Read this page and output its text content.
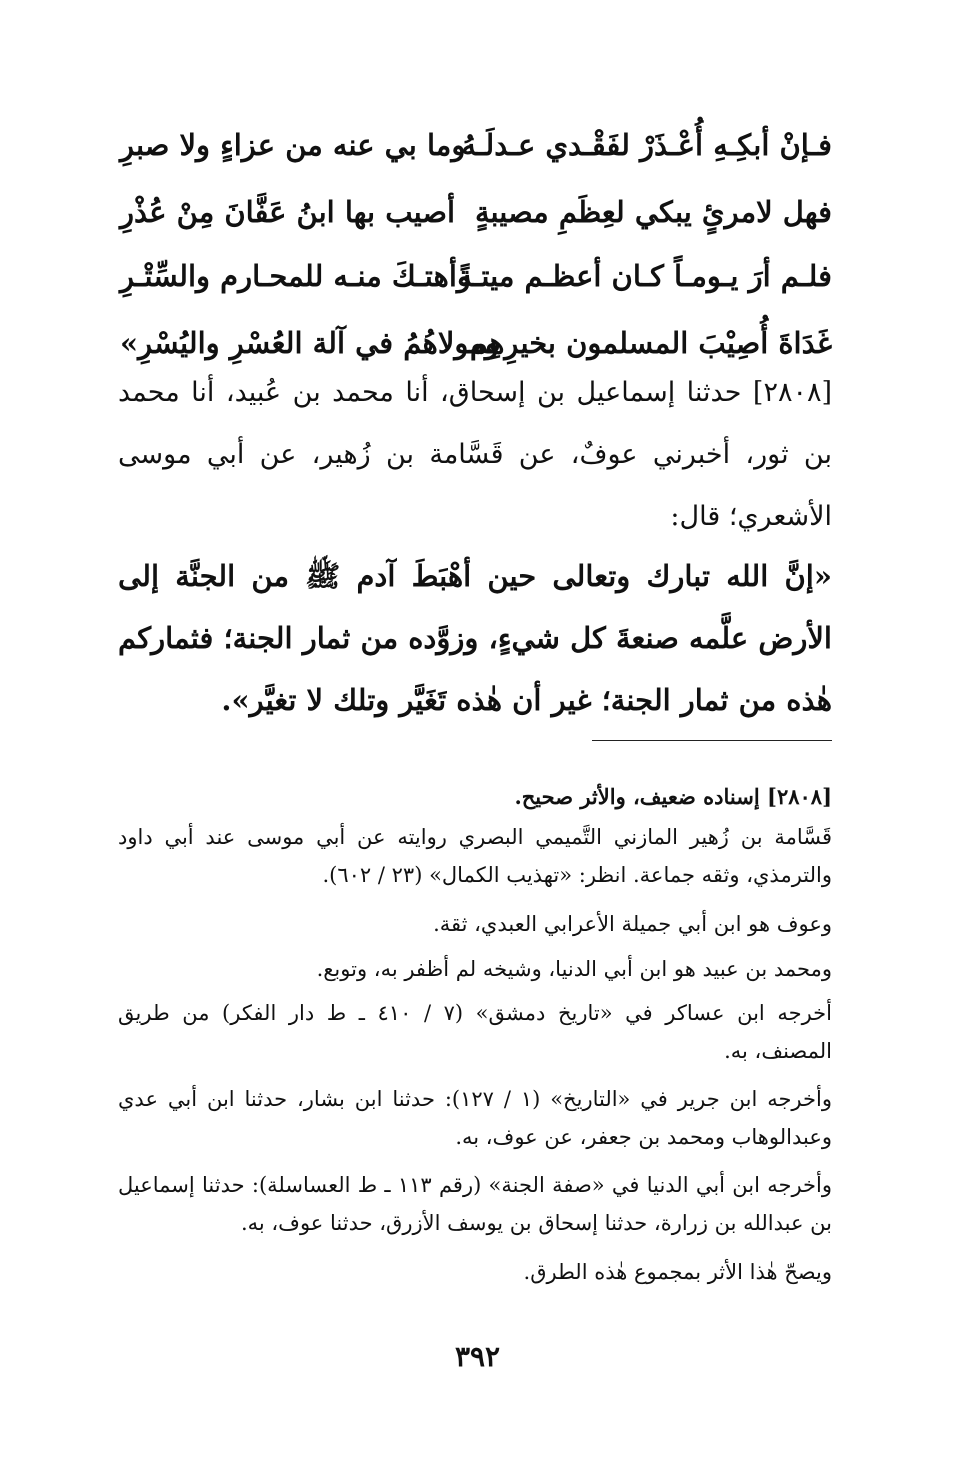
فـإنْ أبكِـهِ أُعْـذَرْ لفَقْـدي عـدلَـهُ
وما بي عنه من عزاءٍ ولا صبرِ
فهل لامرئٍ يبكي لعِظَمِ مصيبةٍ
أصيب بها ابنُ عَفَّانَ مِنْ عُذْرِ
فلـم أرَ يـومـاً كـان أعظـم ميتـةً
وأهتـكَ منـه للمحـارم والسِّتْـرِ
غَدَاةَ أُصِيْبَ المسلمون بخيرِهِم
ومولاهُمُ في آلة العُسْرِ واليُسْرِ»

[٢٨٠٨] حدثنا إسماعيل بن إسحاق، أنا محمد بن عُبيد، أنا محمد بن ثور، أخبرني عوفٌ، عن قَسَّامة بن زُهير، عن أبي موسى الأشعري؛ قال:

«إنَّ الله تبارك وتعالى حين أهْبَطَ آدم ﷺ من الجنَّة إلى الأرض علَّمه صنعةَ كل شيءٍ، وزوَّده من ثمار الجنة؛ فثماركم هٰذه من ثمار الجنة؛ غير أن هٰذه تَغَيَّر وتلك لا تغيَّر».

[٢٨٠٨] إسناده ضعيف، والأثر صحيح.
قَسَّامة بن زُهير المازني التَّميمي البصري روايته عن أبي موسى عند أبي داود والترمذي، وثقه جماعة. انظر: «تهذيب الكمال» (٢٣ / ٦٠٢).
وعوف هو ابن أبي جميلة الأعرابي العبدي، ثقة.
ومحمد بن عبيد هو ابن أبي الدنيا، وشيخه لم أظفر به، وتوبع.
أخرجه ابن عساكر في «تاريخ دمشق» (٧ / ٤١٠ ـ ط دار الفكر) من طريق المصنف، به.
وأخرجه ابن جرير في «التاريخ» (١ / ١٢٧): حدثنا ابن بشار، حدثنا ابن أبي عدي وعبدالوهاب ومحمد بن جعفر، عن عوف، به.
وأخرجه ابن أبي الدنيا في «صفة الجنة» (رقم ١١٣ ـ ط العساسلة): حدثنا إسماعيل بن عبدالله بن زرارة، حدثنا إسحاق بن يوسف الأزرق، حدثنا عوف، به.
ويصحّ هٰذا الأثر بمجموع هٰذه الطرق.
٣٩٢
